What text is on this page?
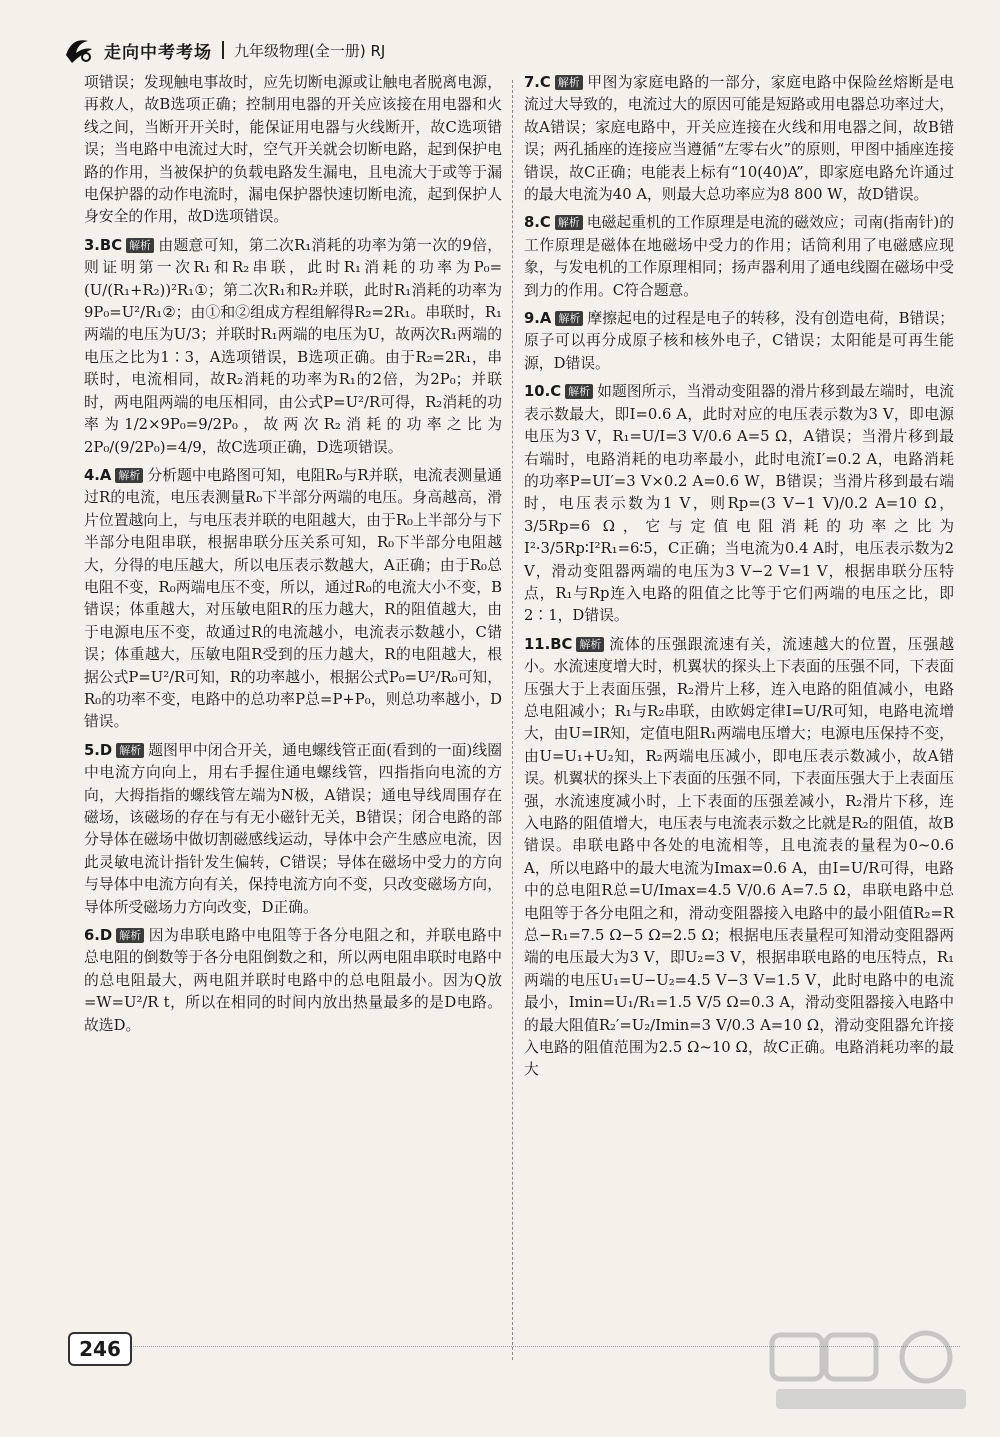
走向中考考场 九年级物理(全一册) RJ

项错误；发现触电事故时，应先切断电源或让触电者脱离电源，再救人，故B选项正确；控制用电器的开关应该接在用电器和火线之间，当断开开关时，能保证用电器与火线断开，故C选项错误；当电路中电流过大时，空气开关就会切断电路，起到保护电路的作用，当被保护的负载电路发生漏电，且电流大于或等于漏电保护器的动作电流时，漏电保护器快速切断电流，起到保护人身安全的作用，故D选项错误。

3.BC 解析 由题意可知，第二次R₁消耗的功率为第一次的9倍，则证明第一次R₁和R₂串联，此时R₁消耗的功率为P₀=(U/(R₁+R₂))²R₁①；第二次R₁和R₂并联，此时R₁消耗的功率为9P₀=U²/R₁②；由①和②组成方程组解得R₂=2R₁。串联时，R₁两端的电压为U/3；并联时R₁两端的电压为U，故两次R₁两端的电压之比为1∶3，A选项错误，B选项正确。由于R₂=2R₁，串联时，电流相同，故R₂消耗的功率为R₁的2倍，为2P₀；并联时，两电阻两端的电压相同，由公式P=U²/R可得，R₂消耗的功率为1/2×9P₀=9/2P₀，故两次R₂消耗的功率之比为2P₀/(9/2P₀)=4/9，故C选项正确，D选项错误。

4.A 解析 分析题中电路图可知，电阻R₀与R并联，电流表测量通过R的电流，电压表测量R₀下半部分两端的电压。身高越高，滑片位置越向上，与电压表并联的电阻越大，由于R₀上半部分与下半部分电阻串联，根据串联分压关系可知，R₀下半部分电阻越大，分得的电压越大，所以电压表示数越大，A正确；由于R₀总电阻不变，R₀两端电压不变，所以，通过R₀的电流大小不变，B错误；体重越大，对压敏电阻R的压力越大，R的阻值越大，由于电源电压不变，故通过R的电流越小，电流表示数越小，C错误；体重越大，压敏电阻R受到的压力越大，R的电阻越大，根据公式P=U²/R可知，R的功率越小，根据公式P₀=U²/R₀可知，R₀的功率不变，电路中的总功率P总=P+P₀，则总功率越小，D错误。

5.D 解析 题图甲中闭合开关，通电螺线管正面(看到的一面)线圈中电流方向向上，用右手握住通电螺线管，四指指向电流的方向，大拇指指的螺线管左端为N极，A错误；通电导线周围存在磁场，该磁场的存在与有无小磁针无关，B错误；闭合电路的部分导体在磁场中做切割磁感线运动，导体中会产生感应电流，因此灵敏电流计指针发生偏转，C错误；导体在磁场中受力的方向与导体中电流方向有关，保持电流方向不变，只改变磁场方向，导体所受磁场力方向改变，D正确。

6.D 解析 因为串联电路中电阻等于各分电阻之和，并联电路中总电阻的倒数等于各分电阻倒数之和，所以两电阻串联时电路中的总电阻最大，两电阻并联时电路中的总电阻最小。因为Q放=W=U²/R t，所以在相同的时间内放出热量最多的是D电路。故选D。

7.C 解析 甲图为家庭电路的一部分，家庭电路中保险丝熔断是电流过大导致的，电流过大的原因可能是短路或用电器总功率过大，故A错误；家庭电路中，开关应连接在火线和用电器之间，故B错误；两孔插座的连接应当遵循“左零右火”的原则，甲图中插座连接错误，故C正确；电能表上标有“10(40)A”，即家庭电路允许通过的最大电流为40 A，则最大总功率应为8 800 W，故D错误。

8.C 解析 电磁起重机的工作原理是电流的磁效应；司南(指南针)的工作原理是磁体在地磁场中受力的作用；话筒利用了电磁感应现象，与发电机的工作原理相同；扬声器利用了通电线圈在磁场中受到力的作用。C符合题意。

9.A 解析 摩擦起电的过程是电子的转移，没有创造电荷，B错误；原子可以再分成原子核和核外电子，C错误；太阳能是可再生能源，D错误。

10.C 解析 如题图所示，当滑动变阻器的滑片移到最左端时，电流表示数最大，即I=0.6 A，此时对应的电压表示数为3 V，即电源电压为3 V，R₁=U/I=3 V/0.6 A=5 Ω，A错误；当滑片移到最右端时，电路消耗的电功率最小，此时电流I′=0.2 A，电路消耗的功率P=UI′=3 V×0.2 A=0.6 W，B错误；当滑片移到最右端时，电压表示数为1 V，则Rp=(3 V−1 V)/0.2 A=10 Ω，3/5Rp=6 Ω，它与定值电阻消耗的功率之比为I²·3/5Rp∶I²R₁=6∶5，C正确；当电流为0.4 A时，电压表示数为2 V，滑动变阻器两端的电压为3 V−2 V=1 V，根据串联分压特点，R₁与Rp连入电路的阻值之比等于它们两端的电压之比，即2∶1，D错误。

11.BC 解析 流体的压强跟流速有关，流速越大的位置，压强越小。水流速度增大时，机翼状的探头上下表面的压强不同，下表面压强大于上表面压强，R₂滑片上移，连入电路的阻值减小，电路总电阻减小；R₁与R₂串联，由欧姆定律I=U/R可知，电路电流增大，由U=IR知，定值电阻R₁两端电压增大；电源电压保持不变，由U=U₁+U₂知，R₂两端电压减小，即电压表示数减小，故A错误。机翼状的探头上下表面的压强不同，下表面压强大于上表面压强，水流速度减小时，上下表面的压强差减小，R₂滑片下移，连入电路的阻值增大，电压表与电流表示数之比就是R₂的阻值，故B错误。串联电路中各处的电流相等，且电流表的量程为0~0.6 A，所以电路中的最大电流为Imax=0.6 A，由I=U/R可得，电路中的总电阻R总=U/Imax=4.5 V/0.6 A=7.5 Ω，串联电路中总电阻等于各分电阻之和，滑动变阻器接入电路中的最小阻值R₂=R总−R₁=7.5 Ω−5 Ω=2.5 Ω；根据电压表量程可知滑动变阻器两端的电压最大为3 V，即U₂=3 V，根据串联电路的电压特点，R₁两端的电压U₁=U−U₂=4.5 V−3 V=1.5 V，此时电路中的电流最小，Imin=U₁/R₁=1.5 V/5 Ω=0.3 A，滑动变阻器接入电路中的最大阻值R₂′=U₂/Imin=3 V/0.3 A=10 Ω，滑动变阻器允许接入电路的阻值范围为2.5 Ω~10 Ω，故C正确。电路消耗功率的最大

246
